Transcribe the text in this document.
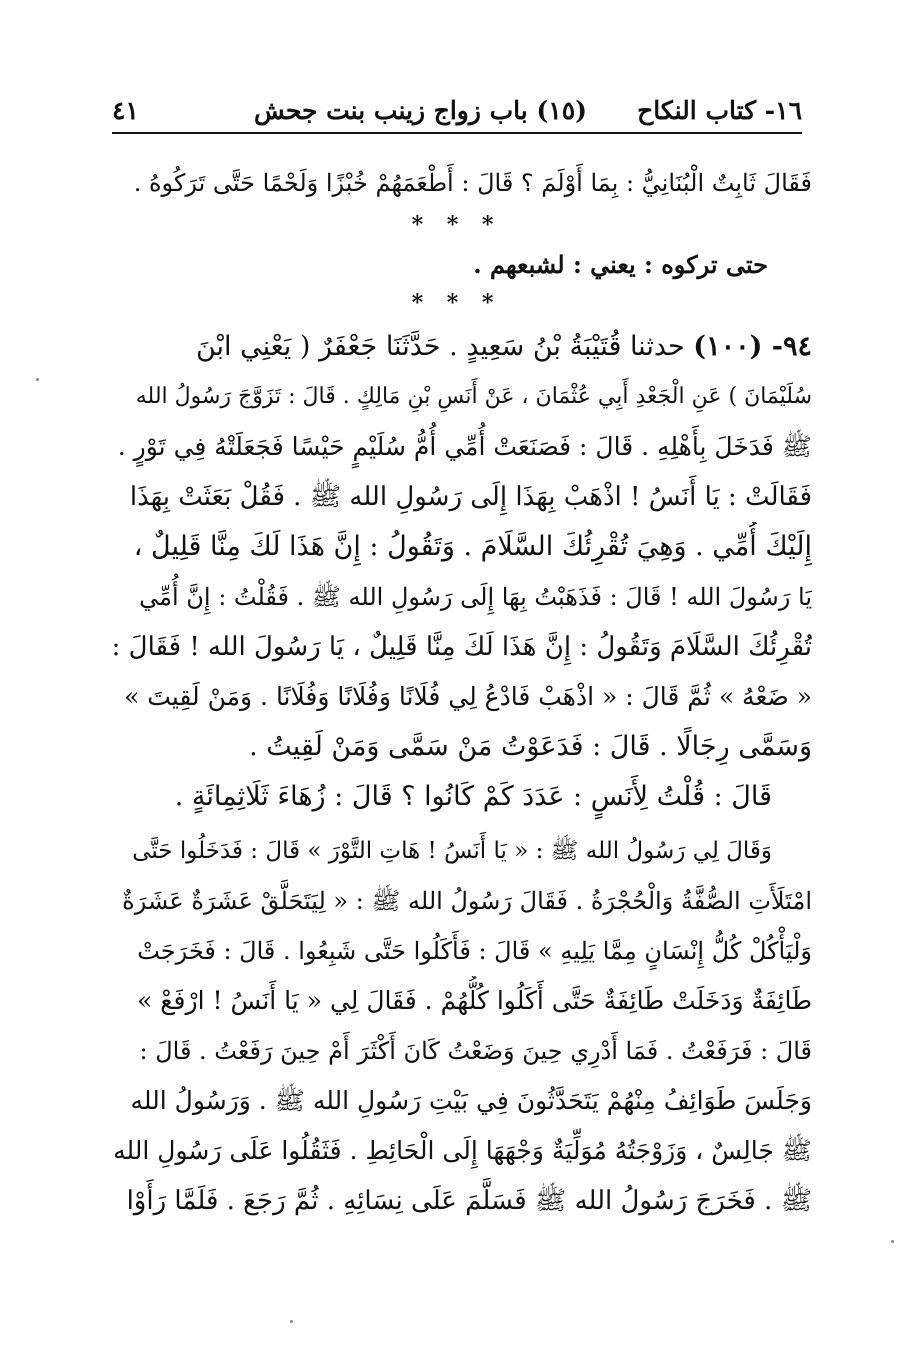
١٦- كتاب النكاح
(١٥) باب زواج زينب بنت جحش
٤١
فَقَالَ ثَابِتٌ الْبُنَانِيُّ : بِمَا أَوْلَمَ ؟ قَالَ : أَطْعَمَهُمْ خُبْزًا وَلَحْمًا حَتَّى تَرَكُوهُ .
* * *
حتى تركوه : يعني : لشبعهم .
* * *
٩٤- (١٠٠) حدثنا قُتَيْبَةُ بْنُ سَعِيدٍ . حَدَّثَنَا جَعْفَرٌ ( يَعْنِي ابْنَ
سُلَيْمَانَ ) عَنِ الْجَعْدِ أَبِي عُثْمَانَ ، عَنْ أَنَسِ بْنِ مَالِكٍ . قَالَ : تَزَوَّجَ رَسُولُ الله
ﷺ فَدَخَلَ بِأَهْلِهِ . قَالَ : فَصَنَعَتْ أُمِّي أُمُّ سُلَيْمٍ حَيْسًا فَجَعَلَتْهُ فِي تَوْرٍ .
فَقَالَتْ : يَا أَنَسُ ! اذْهَبْ بِهَذَا إِلَى رَسُولِ الله ﷺ . فَقُلْ بَعَثَتْ بِهَذَا
إِلَيْكَ أُمِّي . وَهِيَ تُقْرِئُكَ السَّلَامَ . وَتَقُولُ : إِنَّ هَذَا لَكَ مِنَّا قَلِيلٌ ،
يَا رَسُولَ الله ! قَالَ : فَذَهَبْتُ بِهَا إِلَى رَسُولِ الله ﷺ . فَقُلْتُ : إِنَّ أُمِّي
تُقْرِئُكَ السَّلَامَ وَتَقُولُ : إِنَّ هَذَا لَكَ مِنَّا قَلِيلٌ ، يَا رَسُولَ الله ! فَقَالَ :
« ضَعْهُ » ثُمَّ قَالَ : « اذْهَبْ فَادْعُ لِي فُلَانًا وَفُلَانًا وَفُلَانًا . وَمَنْ لَقِيتَ »
وَسَمَّى رِجَالًا . قَالَ : فَدَعَوْتُ مَنْ سَمَّى وَمَنْ لَقِيتُ .
قَالَ : قُلْتُ لِأَنَسٍ : عَدَدَ كَمْ كَانُوا ؟ قَالَ : زُهَاءَ ثَلَاثِمِائَةٍ .
وَقَالَ لِي رَسُولُ الله ﷺ : « يَا أَنَسُ ! هَاتِ التَّوْرَ » قَالَ : فَدَخَلُوا حَتَّى
امْتَلَأَتِ الصُّفَّةُ وَالْحُجْرَةُ . فَقَالَ رَسُولُ الله ﷺ : « لِيَتَحَلَّقْ عَشَرَةٌ عَشَرَةٌ
وَلْيَأْكُلْ كُلُّ إِنْسَانٍ مِمَّا يَلِيهِ » قَالَ : فَأَكَلُوا حَتَّى شَبِعُوا . قَالَ : فَخَرَجَتْ
طَائِفَةٌ وَدَخَلَتْ طَائِفَةٌ حَتَّى أَكَلُوا كُلُّهُمْ . فَقَالَ لِي « يَا أَنَسُ ! ارْفَعْ »
قَالَ : فَرَفَعْتُ . فَمَا أَدْرِي حِينَ وَضَعْتُ كَانَ أَكْثَرَ أَمْ حِينَ رَفَعْتُ . قَالَ :
وَجَلَسَ طَوَائِفُ مِنْهُمْ يَتَحَدَّثُونَ فِي بَيْتِ رَسُولِ الله ﷺ . وَرَسُولُ الله
ﷺ جَالِسٌ ، وَزَوْجَتُهُ مُوَلِّيَةٌ وَجْهَهَا إِلَى الْحَائِطِ . فَثَقُلُوا عَلَى رَسُولِ الله
ﷺ . فَخَرَجَ رَسُولُ الله ﷺ فَسَلَّمَ عَلَى نِسَائِهِ . ثُمَّ رَجَعَ . فَلَمَّا رَأَوْا
